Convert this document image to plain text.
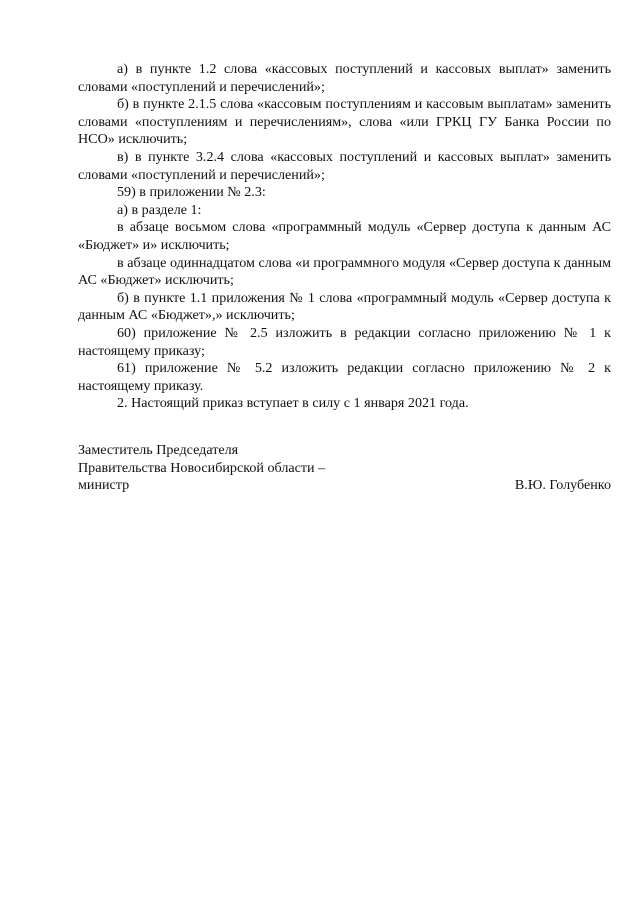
а) в пункте 1.2 слова «кассовых поступлений и кассовых выплат» заменить словами «поступлений и перечислений»;

б) в пункте 2.1.5 слова «кассовым поступлениям и кассовым выплатам» заменить словами «поступлениям и перечислениям», слова «или ГРКЦ ГУ Банка России по НСО» исключить;

в) в пункте 3.2.4 слова «кассовых поступлений и кассовых выплат» заменить словами «поступлений и перечислений»;

59) в приложении № 2.3:

а) в разделе 1:

в абзаце восьмом слова «программный модуль «Сервер доступа к данным АС «Бюджет» и» исключить;

в абзаце одиннадцатом слова «и программного модуля «Сервер доступа к данным АС «Бюджет» исключить;

б) в пункте 1.1 приложения № 1 слова «программный модуль «Сервер доступа к данным АС «Бюджет»,» исключить;

60) приложение № 2.5 изложить в редакции согласно приложению № 1 к настоящему приказу;

61) приложение № 5.2 изложить редакции согласно приложению № 2 к настоящему приказу.

2. Настоящий приказ вступает в силу с 1 января 2021 года.

Заместитель Председателя
Правительства Новосибирской области –
министр	В.Ю. Голубенко
